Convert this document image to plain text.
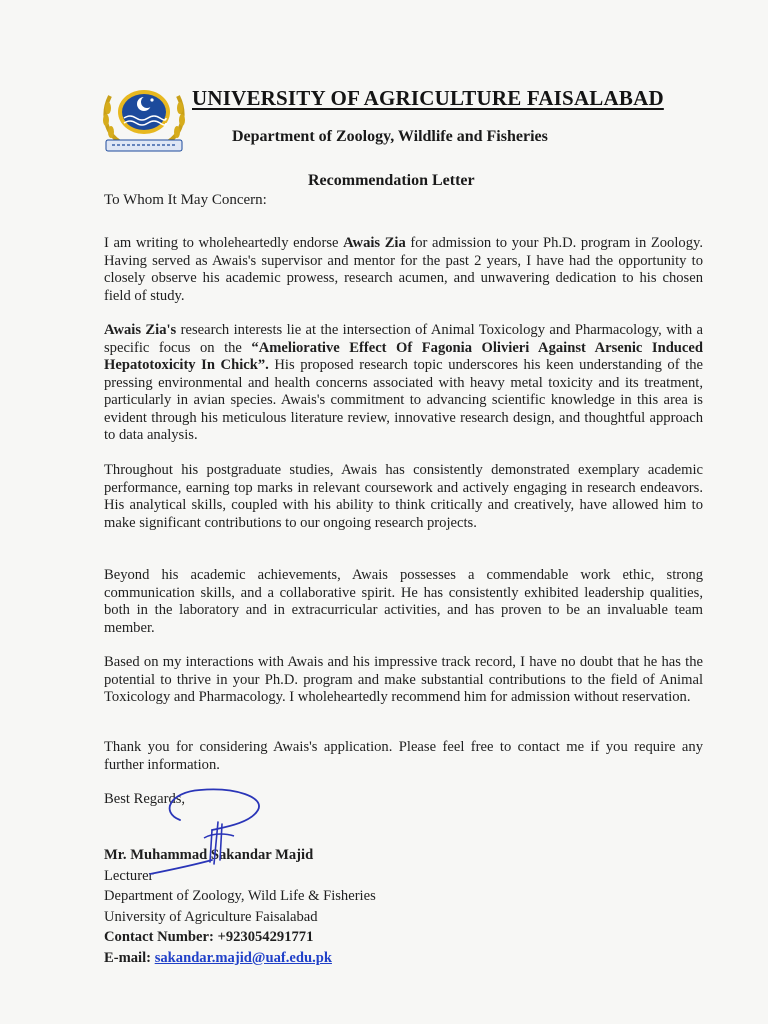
UNIVERSITY OF AGRICULTURE FAISALABAD
Department of Zoology, Wildlife and Fisheries
Recommendation Letter
To Whom It May Concern:

I am writing to wholeheartedly endorse Awais Zia for admission to your Ph.D. program in Zoology. Having served as Awais's supervisor and mentor for the past 2 years, I have had the opportunity to closely observe his academic prowess, research acumen, and unwavering dedication to his chosen field of study.

Awais Zia's research interests lie at the intersection of Animal Toxicology and Pharmacology, with a specific focus on the “Ameliorative Effect Of Fagonia Olivieri Against Arsenic Induced Hepatotoxicity In Chick”. His proposed research topic underscores his keen understanding of the pressing environmental and health concerns associated with heavy metal toxicity and its treatment, particularly in avian species. Awais's commitment to advancing scientific knowledge in this area is evident through his meticulous literature review, innovative research design, and thoughtful approach to data analysis.

Throughout his postgraduate studies, Awais has consistently demonstrated exemplary academic performance, earning top marks in relevant coursework and actively engaging in research endeavors. His analytical skills, coupled with his ability to think critically and creatively, have allowed him to make significant contributions to our ongoing research projects.

Beyond his academic achievements, Awais possesses a commendable work ethic, strong communication skills, and a collaborative spirit. He has consistently exhibited leadership qualities, both in the laboratory and in extracurricular activities, and has proven to be an invaluable team member.

Based on my interactions with Awais and his impressive track record, I have no doubt that he has the potential to thrive in your Ph.D. program and make substantial contributions to the field of Animal Toxicology and Pharmacology. I wholeheartedly recommend him for admission without reservation.

Thank you for considering Awais's application. Please feel free to contact me if you require any further information.

Best Regards,
Mr. Muhammad Sakandar Majid
Lecturer
Department of Zoology, Wild Life & Fisheries
University of Agriculture Faisalabad
Contact Number: +923054291771
E-mail: sakandar.majid@uaf.edu.pk
